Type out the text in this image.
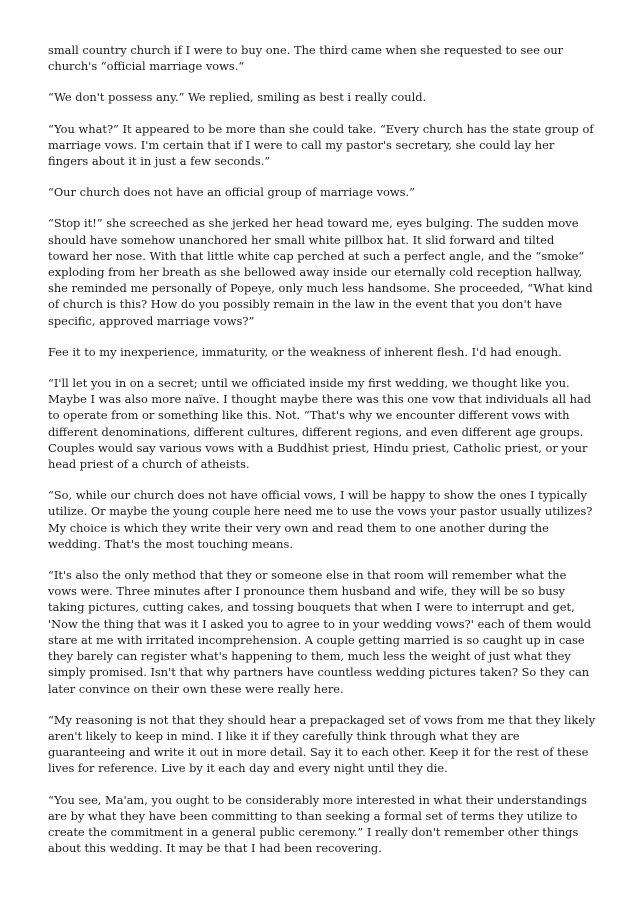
small country church if I were to buy one. The third came when she requested to see our church's “official marriage vows.“

“We don't possess any.” We replied, smiling as best i really could.

“You what?” It appeared to be more than she could take. “Every church has the state group of marriage vows. I'm certain that if I were to call my pastor's secretary, she could lay her fingers about it in just a few seconds.”

“Our church does not have an official group of marriage vows.”

“Stop it!” she screeched as she jerked her head toward me, eyes bulging. The sudden move should have somehow unanchored her small white pillbox hat. It slid forward and tilted toward her nose. With that little white cap perched at such a perfect angle, and the “smoke“ exploding from her breath as she bellowed away inside our eternally cold reception hallway, she reminded me personally of Popeye, only much less handsome. She proceeded, “What kind of church is this? How do you possibly remain in the law in the event that you don't have specific, approved marriage vows?”

Fee it to my inexperience, immaturity, or the weakness of inherent flesh. I'd had enough.

“I'll let you in on a secret; until we officiated inside my first wedding, we thought like you. Maybe I was also more naïve. I thought maybe there was this one vow that individuals all had to operate from or something like this. Not. “That's why we encounter different vows with different denominations, different cultures, different regions, and even different age groups. Couples would say various vows with a Buddhist priest, Hindu priest, Catholic priest, or your head priest of a church of atheists.

“So, while our church does not have official vows, I will be happy to show the ones I typically utilize. Or maybe the young couple here need me to use the vows your pastor usually utilizes? My choice is which they write their very own and read them to one another during the wedding. That's the most touching means.

“It's also the only method that they or someone else in that room will remember what the vows were. Three minutes after I pronounce them husband and wife, they will be so busy taking pictures, cutting cakes, and tossing bouquets that when I were to interrupt and get, 'Now the thing that was it I asked you to agree to in your wedding vows?' each of them would stare at me with irritated incomprehension. A couple getting married is so caught up in case they barely can register what's happening to them, much less the weight of just what they simply promised. Isn't that why partners have countless wedding pictures taken? So they can later convince on their own these were really here.

“My reasoning is not that they should hear a prepackaged set of vows from me that they likely aren't likely to keep in mind. I like it if they carefully think through what they are guaranteeing and write it out in more detail. Say it to each other. Keep it for the rest of these lives for reference. Live by it each day and every night until they die.

“You see, Ma'am, you ought to be considerably more interested in what their understandings are by what they have been committing to than seeking a formal set of terms they utilize to create the commitment in a general public ceremony.” I really don't remember other things about this wedding. It may be that I had been recovering.
